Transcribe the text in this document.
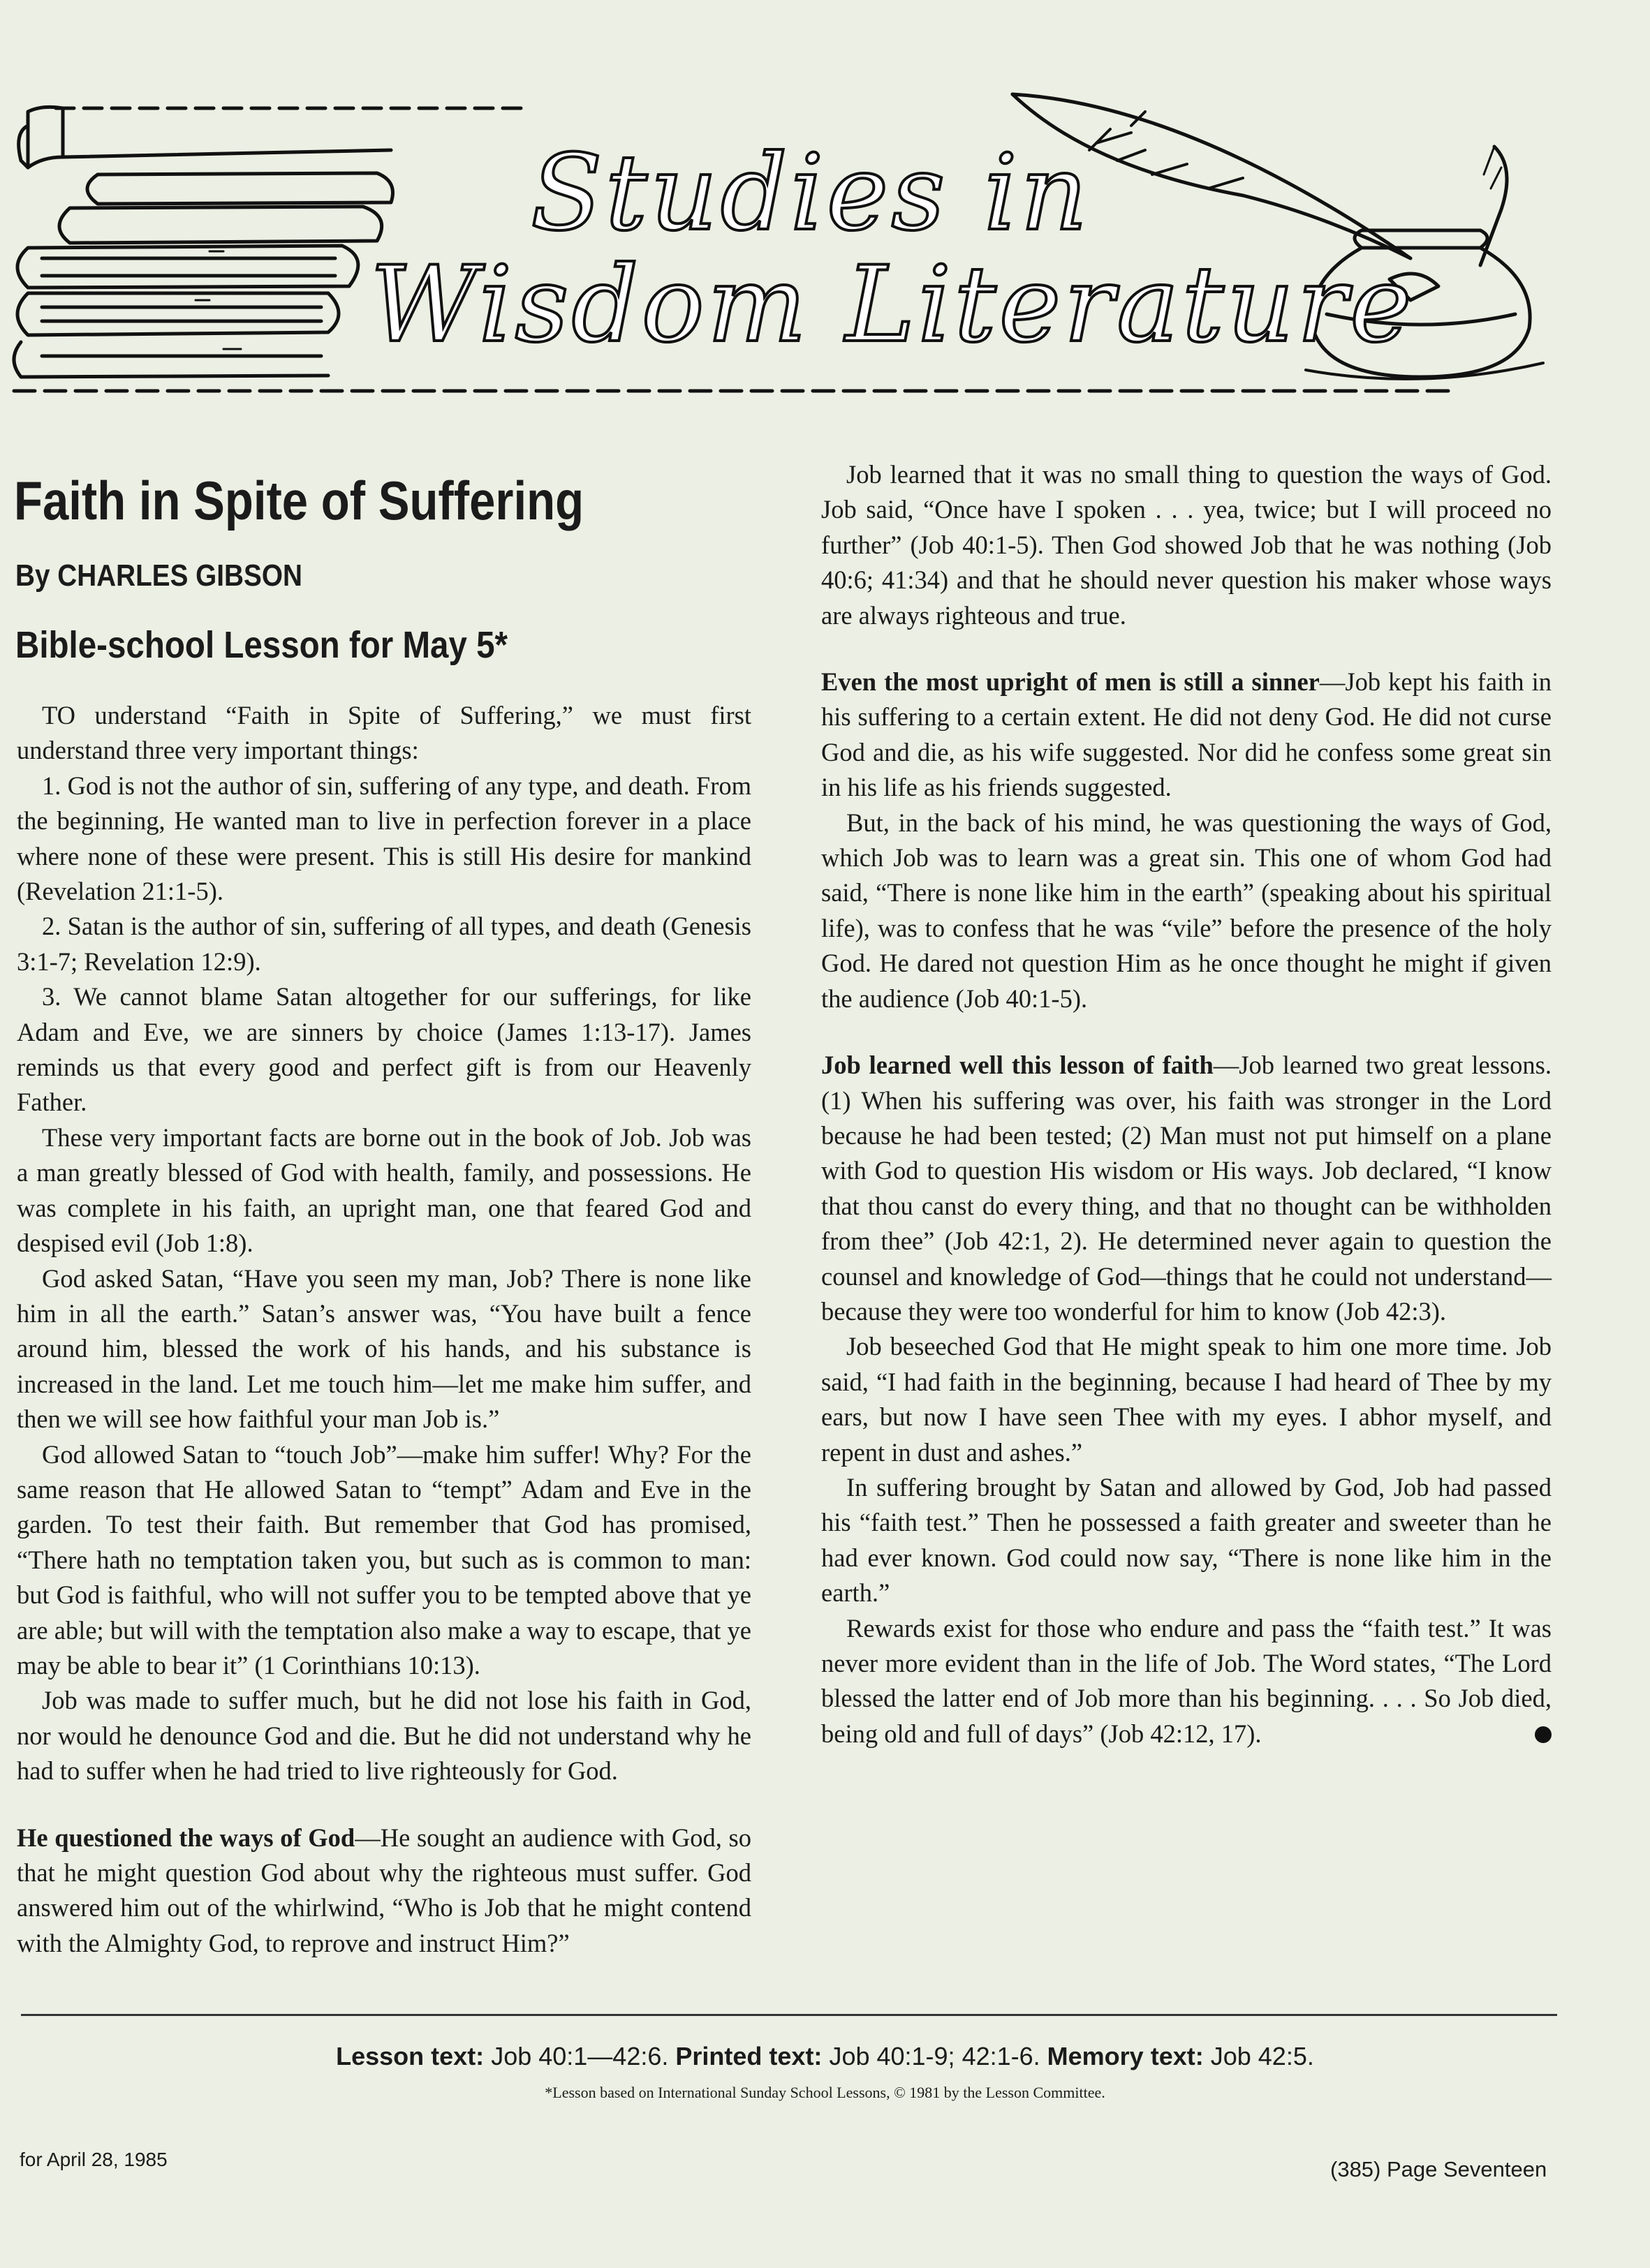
Studies in
Wisdom Literature
Faith in Spite of Suffering
By CHARLES GIBSON
Bible-school Lesson for May 5*

TO understand “Faith in Spite of Suffering,” we must first understand three very important things:

1. God is not the author of sin, suffering of any type, and death. From the beginning, He wanted man to live in perfection forever in a place where none of these were present. This is still His desire for mankind (Revelation 21:1-5).

2. Satan is the author of sin, suffering of all types, and death (Genesis 3:1-7; Revelation 12:9).

3. We cannot blame Satan altogether for our sufferings, for like Adam and Eve, we are sinners by choice (James 1:13-17). James reminds us that every good and perfect gift is from our Heavenly Father.

These very important facts are borne out in the book of Job. Job was a man greatly blessed of God with health, family, and possessions. He was complete in his faith, an upright man, one that feared God and despised evil (Job 1:8).

God asked Satan, “Have you seen my man, Job? There is none like him in all the earth.” Satan’s answer was, “You have built a fence around him, blessed the work of his hands, and his substance is increased in the land. Let me touch him—let me make him suffer, and then we will see how faithful your man Job is.”

God allowed Satan to “touch Job”—make him suffer! Why? For the same reason that He allowed Satan to “tempt” Adam and Eve in the garden. To test their faith. But remember that God has promised, “There hath no temptation taken you, but such as is common to man: but God is faithful, who will not suffer you to be tempted above that ye are able; but will with the temptation also make a way to escape, that ye may be able to bear it” (1 Corinthians 10:13).

Job was made to suffer much, but he did not lose his faith in God, nor would he denounce God and die. But he did not understand why he had to suffer when he had tried to live righteously for God.

He questioned the ways of God—He sought an audience with God, so that he might question God about why the righteous must suffer. God answered him out of the whirlwind, “Who is Job that he might contend with the Almighty God, to reprove and instruct Him?”

Job learned that it was no small thing to question the ways of God. Job said, “Once have I spoken . . . yea, twice; but I will proceed no further” (Job 40:1-5). Then God showed Job that he was nothing (Job 40:6; 41:34) and that he should never question his maker whose ways are always righteous and true.

Even the most upright of men is still a sinner—Job kept his faith in his suffering to a certain extent. He did not deny God. He did not curse God and die, as his wife suggested. Nor did he confess some great sin in his life as his friends suggested.

But, in the back of his mind, he was questioning the ways of God, which Job was to learn was a great sin. This one of whom God had said, “There is none like him in the earth” (speaking about his spiritual life), was to confess that he was “vile” before the presence of the holy God. He dared not question Him as he once thought he might if given the audience (Job 40:1-5).

Job learned well this lesson of faith—Job learned two great lessons. (1) When his suffering was over, his faith was stronger in the Lord because he had been tested; (2) Man must not put himself on a plane with God to question His wisdom or His ways. Job declared, “I know that thou canst do every thing, and that no thought can be withholden from thee” (Job 42:1, 2). He determined never again to question the counsel and knowledge of God—things that he could not understand—because they were too wonderful for him to know (Job 42:3).

Job beseeched God that He might speak to him one more time. Job said, “I had faith in the beginning, because I had heard of Thee by my ears, but now I have seen Thee with my eyes. I abhor myself, and repent in dust and ashes.”

In suffering brought by Satan and allowed by God, Job had passed his “faith test.” Then he possessed a faith greater and sweeter than he had ever known. God could now say, “There is none like him in the earth.”

Rewards exist for those who endure and pass the “faith test.” It was never more evident than in the life of Job. The Word states, “The Lord blessed the latter end of Job more than his beginning. . . . So Job died, being old and full of days” (Job 42:12, 17).

Lesson text: Job 40:1—42:6. Printed text: Job 40:1-9; 42:1-6. Memory text: Job 42:5.
*Lesson based on International Sunday School Lessons, © 1981 by the Lesson Committee.
for April 28, 1985	(385) Page Seventeen
